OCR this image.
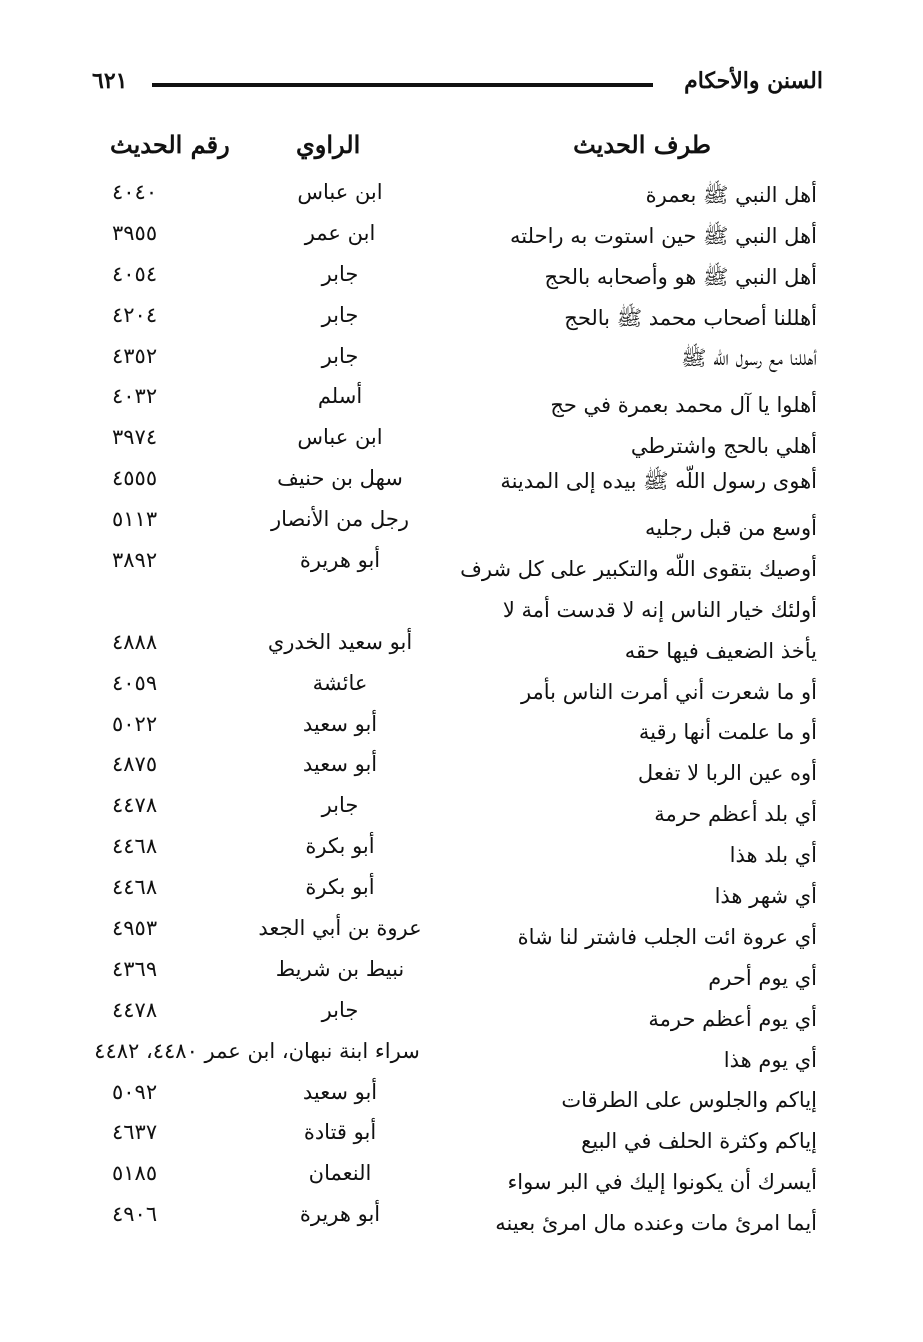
السنن والأحكام
٦٢١
طرف الحديث
الراوي
رقم الحديث
أهل النبي ﷺ بعمرة
ابن عباس
٤٠٤٠
أهل النبي ﷺ حين استوت به راحلته
ابن عمر
٣٩٥٥
أهل النبي ﷺ هو وأصحابه بالحج
جابر
٤٠٥٤
أهللنا أصحاب محمد ﷺ بالحج
جابر
٤٢٠٤
أهللنا مع رسول اللّه ﷺ
جابر
٤٣٥٢
أهلوا يا آل محمد بعمرة في حج
أسلم
٤٠٣٢
أهلي بالحج واشترطي
ابن عباس
٣٩٧٤
أهوى رسول اللّه ﷺ بيده إلى المدينة
سهل بن حنيف
٤٥٥٥
أوسع من قبل رجليه
رجل من الأنصار
٥١١٣
أوصيك بتقوى اللّه والتكبير على كل شرف
أبو هريرة
٣٨٩٢
أولئك خيار الناس إنه لا قدست أمة لا
يأخذ الضعيف فيها حقه
أبو سعيد الخدري
٤٨٨٨
أو ما شعرت أني أمرت الناس بأمر
عائشة
٤٠٥٩
أو ما علمت أنها رقية
أبو سعيد
٥٠٢٢
أوه عين الربا لا تفعل
أبو سعيد
٤٨٧٥
أي بلد أعظم حرمة
جابر
٤٤٧٨
أي بلد هذا
أبو بكرة
٤٤٦٨
أي شهر هذا
أبو بكرة
٤٤٦٨
أي عروة ائت الجلب فاشتر لنا شاة
عروة بن أبي الجعد
٤٩٥٣
أي يوم أحرم
نبيط بن شريط
٤٣٦٩
أي يوم أعظم حرمة
جابر
٤٤٧٨
أي يوم هذا
سراء ابنة نبهان، ابن عمر ٤٤٨٠، ٤٤٨٢
إياكم والجلوس على الطرقات
أبو سعيد
٥٠٩٢
إياكم وكثرة الحلف في البيع
أبو قتادة
٤٦٣٧
أيسرك أن يكونوا إليك في البر سواء
النعمان
٥١٨٥
أيما امرئ مات وعنده مال امرئ بعينه
أبو هريرة
٤٩٠٦
